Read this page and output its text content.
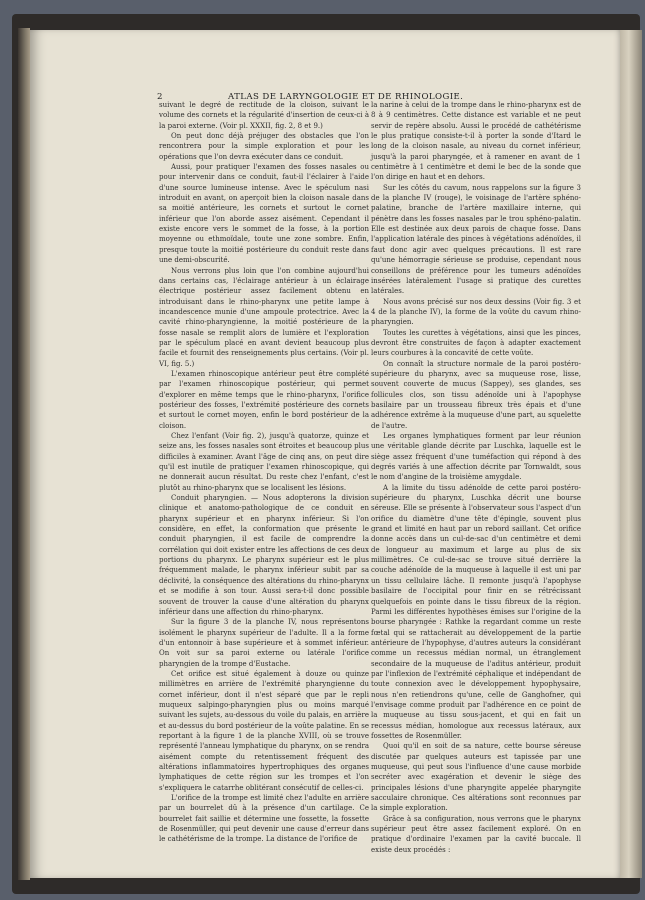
2	ATLAS DE LARYNGOLOGIE ET DE RHINOLOGIE.

suivant le degré de rectitude de la cloison, suivant le volume des cornets et la régularité d'insertion de ceux-ci à la paroi externe. (Voir pl. XXXII, fig. 2, 8 et 9.)

On peut donc déjà préjuger des obstacles que l'on rencontrera pour la simple exploration et pour les opérations que l'on devra exécuter dans ce conduit.

Aussi, pour pratiquer l'examen des fosses nasales ou pour intervenir dans ce conduit, faut-il l'éclairer à l'aide d'une source lumineuse intense. Avec le spéculum nasi introduit en avant, on aperçoit bien la cloison nasale dans sa moitié antérieure, les cornets et surtout le cornet inférieur que l'on aborde assez aisément. Cependant il existe encore vers le sommet de la fosse, à la portion moyenne ou ethmoïdale, toute une zone sombre. Enfin, presque toute la moitié postérieure du conduit reste dans une demi-obscurité.

Nous verrons plus loin que l'on combine aujourd'hui dans certains cas, l'éclairage antérieur à un éclairage électrique postérieur assez facilement obtenu en introduisant dans le rhino-pharynx une petite lampe à incandescence munie d'une ampoule protectrice. Avec la cavité rhino-pharyngienne, la moitié postérieure de la fosse nasale se remplit alors de lumière et l'exploration par le spéculum placé en avant devient beaucoup plus facile et fournit des renseignements plus certains. (Voir pl. VI, fig. 5.)

L'examen rhinoscopique antérieur peut être complété par l'examen rhinoscopique postérieur, qui permet d'explorer en même temps que le rhino-pharynx, l'orifice postérieur des fosses, l'extrémité postérieure des cornets et surtout le cornet moyen, enfin le bord postérieur de la cloison.

Chez l'enfant (Voir fig. 2), jusqu'à quatorze, quinze et seize ans, les fosses nasales sont étroites et beaucoup plus difficiles à examiner. Avant l'âge de cinq ans, on peut dire qu'il est inutile de pratiquer l'examen rhinoscopique, qui ne donnerait aucun résultat. Du reste chez l'enfant, c'est plutôt au rhino-pharynx que se localisent les lésions.

Conduit pharyngien. — Nous adopterons la division clinique et anatomo-pathologique de ce conduit en pharynx supérieur et en pharynx inférieur. Si l'on considère, en effet, la conformation que présente le conduit pharyngien, il est facile de comprendre la corrélation qui doit exister entre les affections de ces deux portions du pharynx. Le pharynx supérieur est le plus fréquemment malade, le pharynx inférieur subit par sa déclivité, la conséquence des altérations du rhino-pharynx et se modifie à son tour. Aussi sera-t-il donc possible souvent de trouver la cause d'une altération du pharynx inférieur dans une affection du rhino-pharynx.

Sur la figure 3 de la planche IV, nous représentons isolément le pharynx supérieur de l'adulte. Il a la forme d'un entonnoir à base supérieure et à sommet inférieur. On voit sur sa paroi externe ou latérale l'orifice pharyngien de la trompe d'Eustache.

Cet orifice est situé également à douze ou quinze millimètres en arrière de l'extrémité pharyngienne du cornet inférieur, dont il n'est séparé que par le repli muqueux salpingo-pharyngien plus ou moins marqué suivant les sujets, au-dessous du voile du palais, en arrière et au-dessus du bord postérieur de la voûte palatine. En se reportant à la figure 1 de la planche XVIII, où se trouve représenté l'anneau lymphatique du pharynx, on se rendra aisément compte du retentissement fréquent des altérations inflammatoires hypertrophiques des organes lymphatiques de cette région sur les trompes et l'on s'expliquera le catarrhe oblitérant consécutif de celles-ci.

L'orifice de la trompe est limité chez l'adulte en arrière par un bourrelet dû à la présence d'un cartilage. Ce bourrelet fait saillie et détermine une fossette, la fossette de Rosenmüller, qui peut devenir une cause d'erreur dans le cathétérisme de la trompe. La distance de l'orifice de

la narine à celui de la trompe dans le rhino-pharynx est de 8 à 9 centimètres. Cette distance est variable et ne peut servir de repère absolu. Aussi le procédé de cathétérisme le plus pratique consiste-t-il à porter la sonde d'Itard le long de la cloison nasale, au niveau du cornet inférieur, jusqu'à la paroi pharyngée, et à ramener en avant de 1 centimètre à 1 centimètre et demi le bec de la sonde que l'on dirige en haut et en dehors.

Sur les côtés du cavum, nous rappelons sur la figure 3 de la planche IV (rouge), le voisinage de l'artère sphéno-palatine, branche de l'artère maxillaire interne, qui pénètre dans les fosses nasales par le trou sphéno-palatin. Elle est destinée aux deux parois de chaque fosse. Dans l'application latérale des pinces à végétations adénoïdes, il faut donc agir avec quelques précautions. Il est rare qu'une hémorragie sérieuse se produise, cependant nous conseillons de préférence pour les tumeurs adénoïdes insérées latéralement l'usage si pratique des curettes latérales.

Nous avons précisé sur nos deux dessins (Voir fig. 3 et 4 de la planche IV), la forme de la voûte du cavum rhino-pharyngien.

Toutes les curettes à végétations, ainsi que les pinces, devront être construites de façon à adapter exactement leurs courbures à la concavité de cette voûte.

On connaît la structure normale de la paroi postéro-supérieure du pharynx, avec sa muqueuse rose, lisse, souvent couverte de mucus (Sappey), ses glandes, ses follicules clos, son tissu adénoïde uni à l'apophyse basilaire par un trousseau fibreux très épais et d'une adhérence extrême à la muqueuse d'une part, au squelette de l'autre.

Les organes lymphatiques forment par leur réunion une véritable glande décrite par Luschka, laquelle est le siège assez fréquent d'une tuméfaction qui répond à des degrés variés à une affection décrite par Tornwaldt, sous le nom d'angine de la troisième amygdale.

A la limite du tissu adénoïde de cette paroi postéro-supérieure du pharynx, Luschka décrit une bourse séreuse. Elle se présente à l'observateur sous l'aspect d'un orifice du diamètre d'une tête d'épingle, souvent plus grand et limité en haut par un rebord saillant. Cet orifice donne accès dans un cul-de-sac d'un centimètre et demi de longueur au maximum et large au plus de six millimètres. Ce cul-de-sac se trouve situé derrière la couche adénoïde de la muqueuse à laquelle il est uni par un tissu cellulaire lâche. Il remonte jusqu'à l'apophyse basilaire de l'occipital pour finir en se rétrécissant quelquefois en pointe dans le tissu fibreux de la région. Parmi les différentes hypothèses émises sur l'origine de la bourse pharyngée : Rathke la regardant comme un reste fœtal qui se rattacherait au développement de la partie antérieure de l'hypophyse, d'autres auteurs la considérant comme un recessus médian normal, un étranglement secondaire de la muqueuse de l'aditus antérieur, produit par l'inflexion de l'extrémité céphalique et indépendant de toute connexion avec le développement hypophysaire, nous n'en retiendrons qu'une, celle de Ganghofner, qui l'envisage comme produit par l'adhérence en ce point de la muqueuse au tissu sous-jacent, et qui en fait un recessus médian, homologue aux recessus latéraux, aux fossettes de Rosenmüller.

Quoi qu'il en soit de sa nature, cette bourse séreuse discutée par quelques auteurs est tapissée par une muqueuse, qui peut sous l'influence d'une cause morbide secréter avec exagération et devenir le siège des principales lésions d'une pharyngite appelée pharyngite sacculaire chronique. Ces altérations sont reconnues par la simple exploration.

Grâce à sa configuration, nous verrons que le pharynx supérieur peut être assez facilement exploré. On en pratique d'ordinaire l'examen par la cavité buccale. Il existe deux procédés :
